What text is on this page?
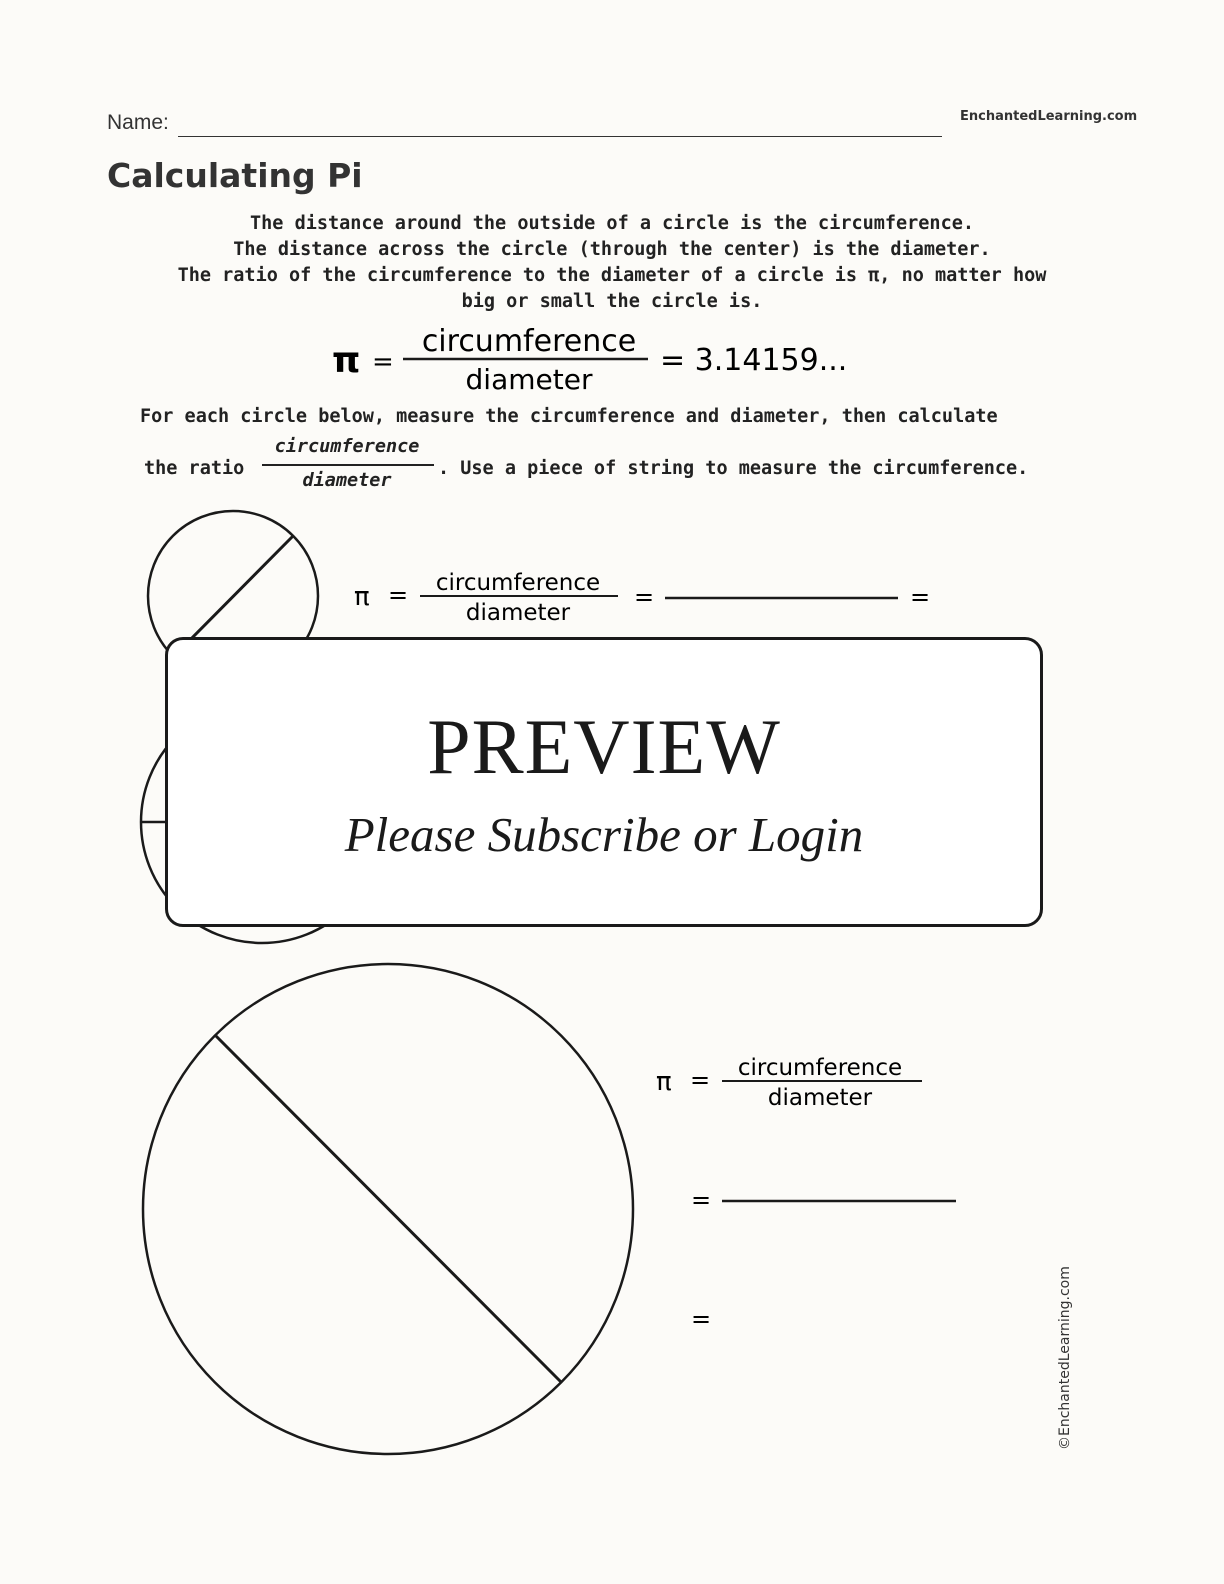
Name:	EnchantedLearning.com
Calculating Pi
The distance around the outside of a circle is the circumference.
The distance across the circle (through the center) is the diameter.
The ratio of the circumference to the diameter of a circle is π, no matter how
big or small the circle is.
π =
circumference
diameter
= 3.14159...
For each circle below, measure the circumference and diameter, then calculate
the ratio
circumference
diameter
. Use a piece of string to measure the circumference.
π = circumference
diameter
=	=
PREVIEW
Please Subscribe or Login
π = circumference
diameter
=
=	©EnchantedLearning.com
